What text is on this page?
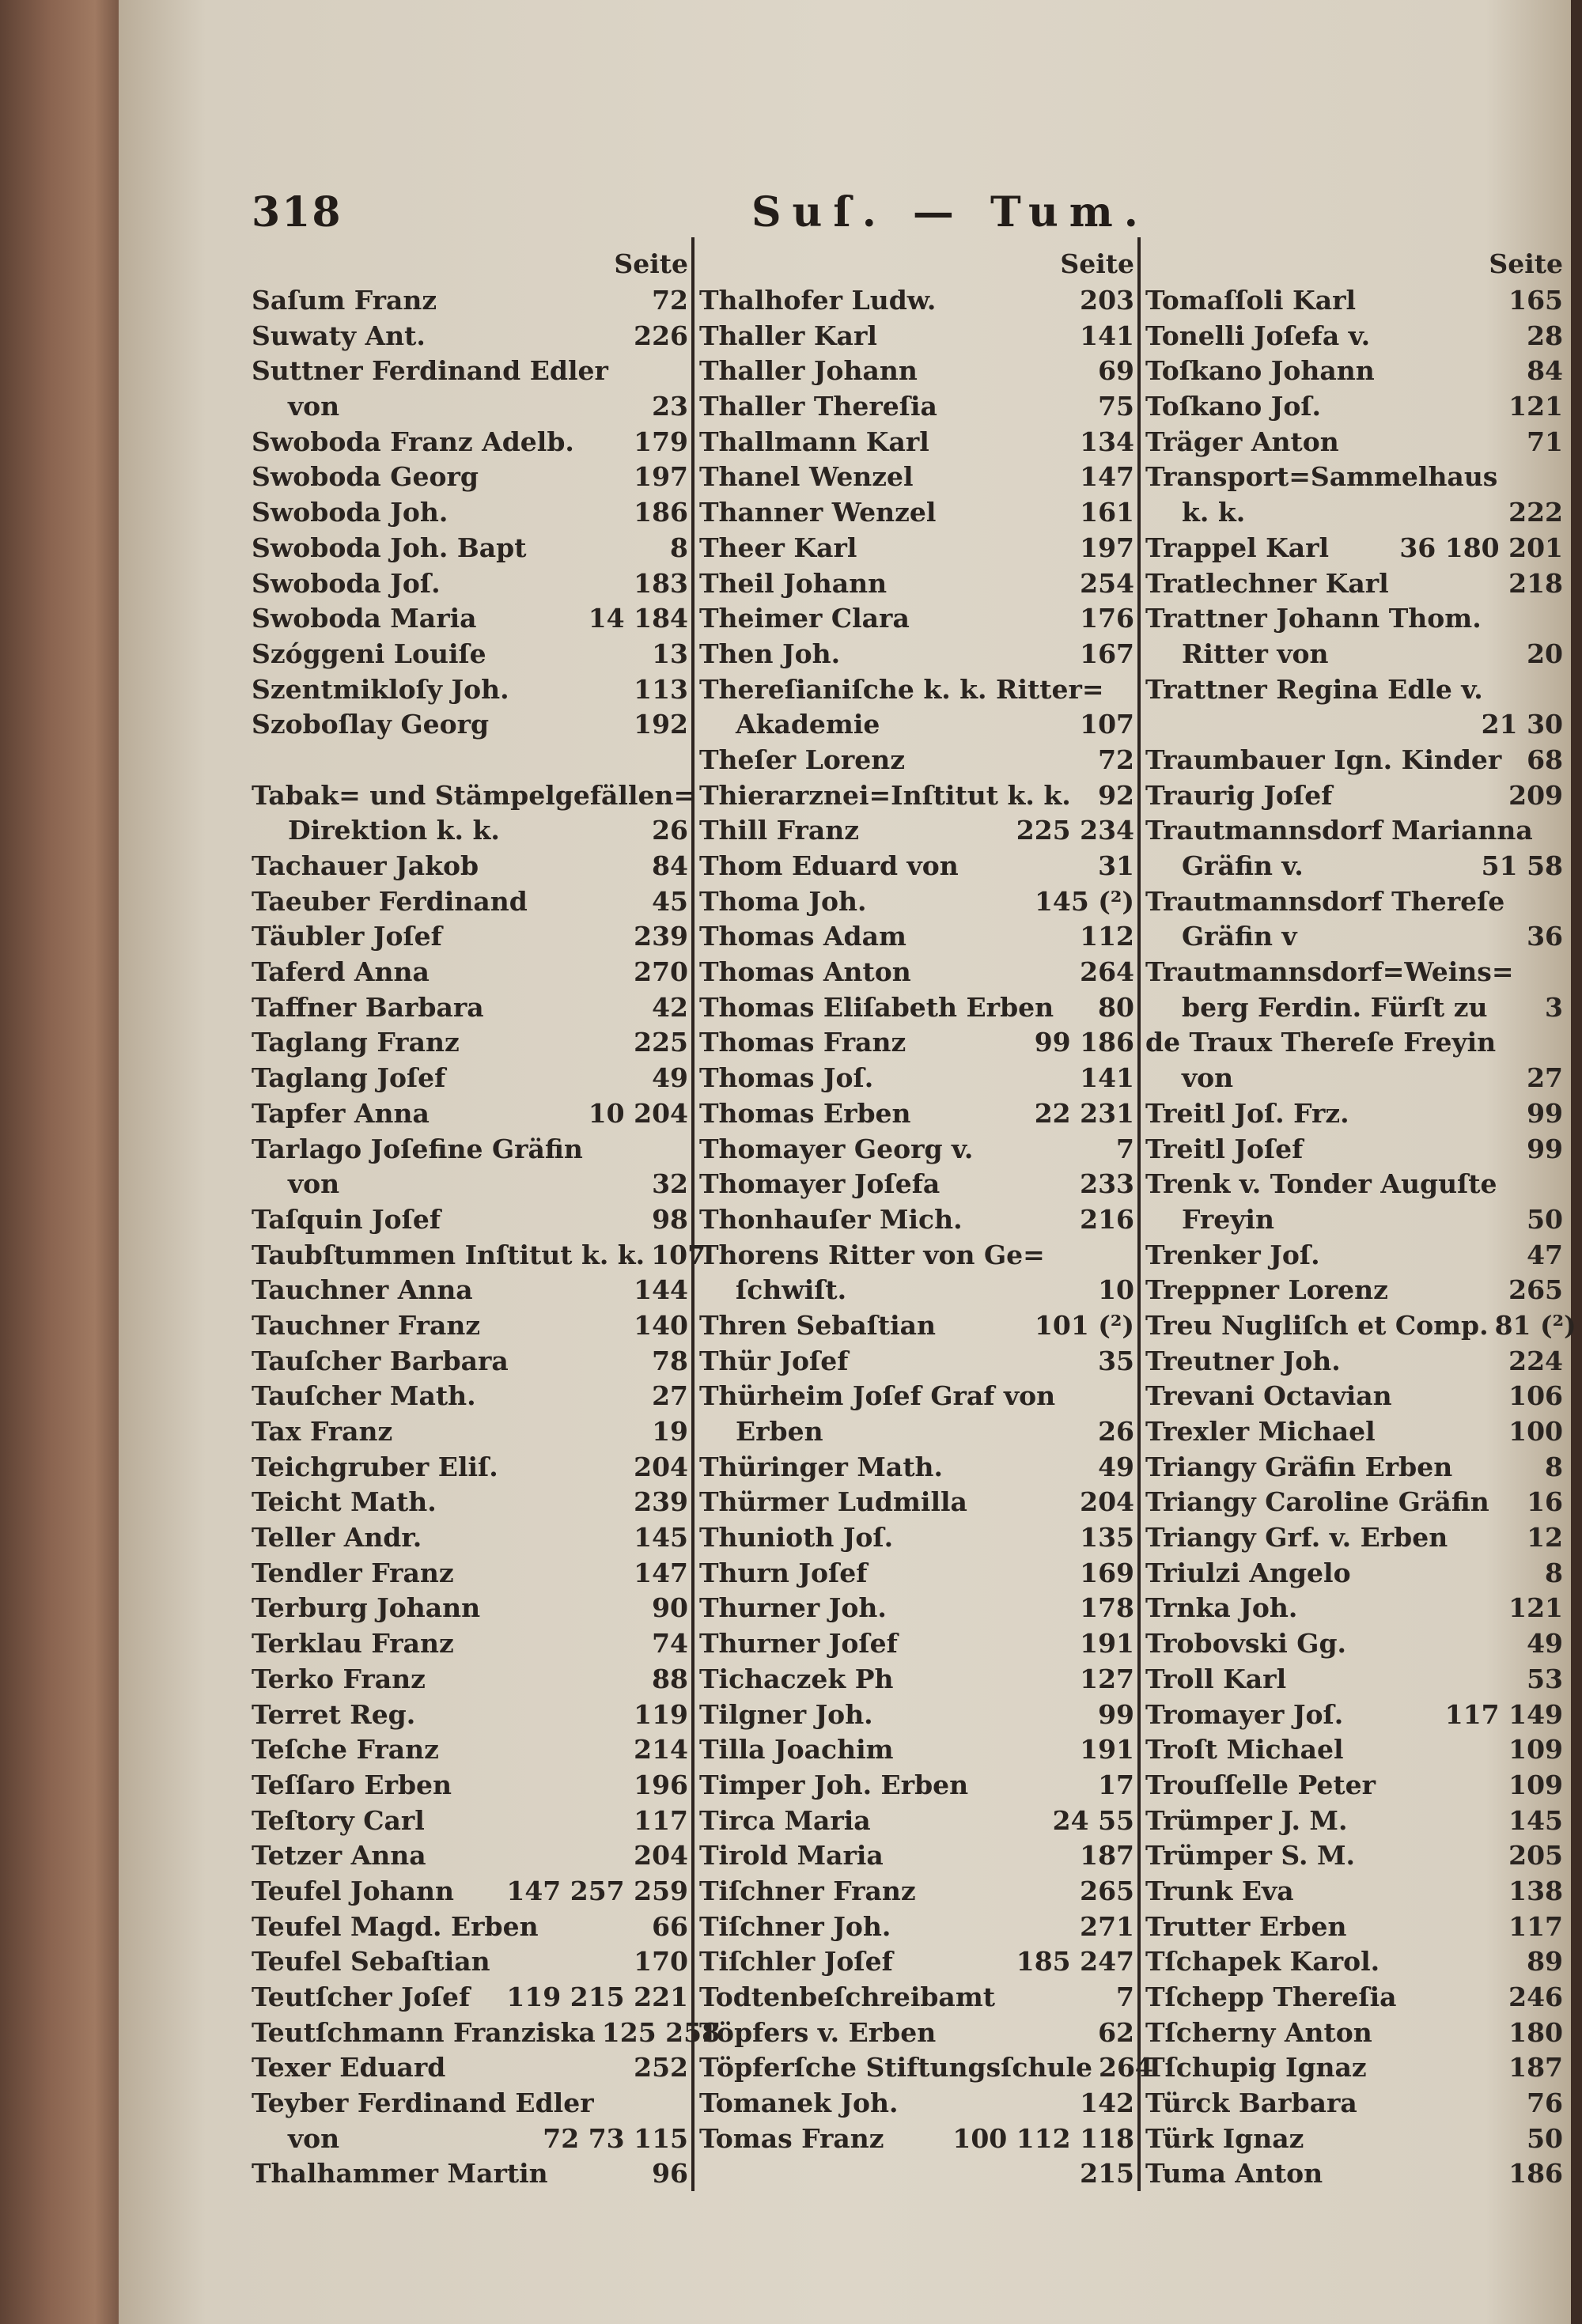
318	Suſ. — Tum.
Seite
Saſum Franz	72
Suwaty Ant.	226
Suttner Ferdinand Edler
von	23
Swoboda Franz Adelb. 179
Swoboda Georg	197
Swoboda Joh.	186
Swoboda Joh. Bapt	8
Swoboda Joſ.	183
Swoboda Maria	14 184
Szóggeni Louiſe	13
Szentmikloſy Joh.	113
Szoboſlay Georg	192
Tabak= und Stämpelgefällen=
Direktion k. k.	26
Tachauer Jakob	84
Taeuber Ferdinand	45
Täubler Joſef	239
Taferd Anna	270
Taffner Barbara	42
Taglang Franz	225
Taglang Joſef	49
Tapfer Anna	10 204
Tarlago Joſefine Gräfin
von	32
Taſquin Joſef	98
Taubſtummen Inſtitut k. k. 107
Tauchner Anna	144
Tauchner Franz	140
Tauſcher Barbara	78
Tauſcher Math.	27
Tax Franz	19
Teichgruber Eliſ.	204
Teicht Math.	239
Teller Andr.	145
Tendler Franz	147
Terburg Johann	90
Terklau Franz	74
Terko Franz	88
Terret Reg.	119
Teſche Franz	214
Teſſaro Erben	196
Teſtory Carl	117
Tetzer Anna	204
Teufel Johann 147 257 259
Teufel Magd. Erben	66
Teufel Sebaſtian	170
Teutſcher Joſef 119 215 221
Teutſchmann Franziska 125 258
Texer Eduard	252
Teyber Ferdinand Edler
von	72 73 115
Thalhammer Martin	96
Seite
Thalhofer Ludw.	203
Thaller Karl	141
Thaller Johann	69
Thaller Thereſia	75
Thallmann Karl	134
Thanel Wenzel	147
Thanner Wenzel	161
Theer Karl	197
Theil Johann	254
Theimer Clara	176
Then Joh.	167
Thereſianiſche k. k. Ritter=
Akademie	107
Theſer Lorenz	72
Thierarznei=Inſtitut k. k. 92
Thill Franz	225 234
Thom Eduard von	31
Thoma Joh.	145 (²)
Thomas Adam	112
Thomas Anton	264
Thomas Eliſabeth Erben 80
Thomas Franz	99 186
Thomas Joſ.	141
Thomas Erben	22 231
Thomayer Georg v.	7
Thomayer Joſefa	233
Thonhauſer Mich.	216
Thorens Ritter von Ge=
ſchwiſt.	10
Thren Sebaſtian	101 (²)
Thür Joſef	35
Thürheim Joſef Graf von
Erben	26
Thüringer Math.	49
Thürmer Ludmilla	204
Thunioth Joſ.	135
Thurn Joſef	169
Thurner Joh.	178
Thurner Joſef	191
Tichaczek Ph	127
Tilgner Joh.	99
Tilla Joachim	191
Timper Joh. Erben	17
Tirca Maria	24 55
Tirold Maria	187
Tiſchner Franz	265
Tiſchner Joh.	271
Tiſchler Joſef	185 247
Todtenbeſchreibamt	7
Töpfers v. Erben	62
Töpferſche Stiftungsſchule 264
Tomanek Joh.	142
Tomas Franz	100 112 118
215
Seite
Tomaſſoli Karl	165
Tonelli Joſefa v.	28
Toſkano Johann	84
Toſkano Joſ.	121
Träger Anton	71
Transport=Sammelhaus
k. k.	222
Trappel Karl	36 180 201
Tratlechner Karl	218
Trattner Johann Thom.
Ritter von	20
Trattner Regina Edle v.
21 30
Traumbauer Ign. Kinder 68
Traurig Joſef	209
Trautmannsdorf Marianna
Gräfin v.	51 58
Trautmannsdorf Thereſe
Gräfin v	36
Trautmannsdorf=Weins=
berg Ferdin. Fürſt zu 3
de Traux Thereſe Freyin
von	27
Treitl Joſ. Frz.	99
Treitl Joſef	99
Trenk v. Tonder Auguſte
Freyin	50
Trenker Joſ.	47
Treppner Lorenz	265
Treu Nugliſch et Comp. 81 (²)
Treutner Joh.	224
Trevani Octavian	106
Trexler Michael	100
Triangy Gräfin Erben	8
Triangy Caroline Gräfin 16
Triangy Grf. v. Erben	12
Triulzi Angelo	8
Trnka Joh.	121
Trobovski Gg.	49
Troll Karl	53
Tromayer Joſ.	117 149
Troſt Michael	109
Trouſſelle Peter	109
Trümper J. M.	145
Trümper S. M.	205
Trunk Eva	138
Trutter Erben	117
Tſchapek Karol.	89
Tſchepp Thereſia	246
Tſcherny Anton	180
Tſchupig Ignaz	187
Türck Barbara	76
Türk Ignaz	50
Tuma Anton	186
